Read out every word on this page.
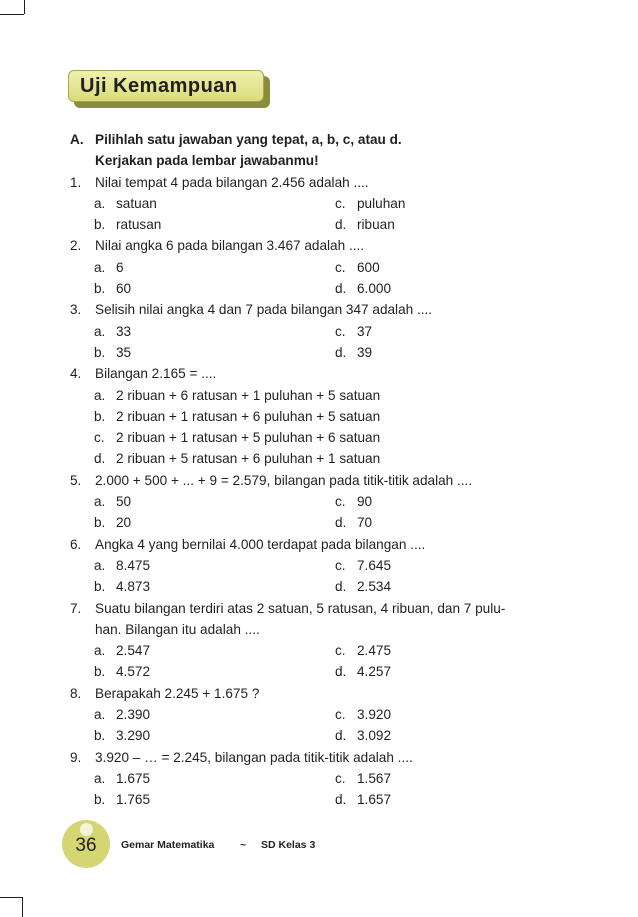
Uji Kemampuan
A. Pilihlah satu jawaban yang tepat, a, b, c, atau d.
Kerjakan pada lembar jawabanmu!
1. Nilai tempat 4 pada bilangan 2.456 adalah ....
a. satuan	c. puluhan
b. ratusan	d. ribuan
2. Nilai angka 6 pada bilangan 3.467 adalah ....
a. 6	c. 600
b. 60	d. 6.000
3. Selisih nilai angka 4 dan 7 pada bilangan 347 adalah ....
a. 33	c. 37
b. 35	d. 39
4. Bilangan 2.165 = ....
a. 2 ribuan + 6 ratusan + 1 puluhan + 5 satuan
b. 2 ribuan + 1 ratusan + 6 puluhan + 5 satuan
c. 2 ribuan + 1 ratusan + 5 puluhan + 6 satuan
d. 2 ribuan + 5 ratusan + 6 puluhan + 1 satuan
5. 2.000 + 500 + ... + 9 = 2.579, bilangan pada titik-titik adalah ....
a. 50	c. 90
b. 20	d. 70
6. Angka 4 yang bernilai 4.000 terdapat pada bilangan ....
a. 8.475	c. 7.645
b. 4.873	d. 2.534
7. Suatu bilangan terdiri atas 2 satuan, 5 ratusan, 4 ribuan, dan 7 pulu-
han. Bilangan itu adalah ....
a. 2.547	c. 2.475
b. 4.572	d. 4.257
8. Berapakah 2.245 + 1.675 ?
a. 2.390	c. 3.920
b. 3.290	d. 3.092
9. 3.920 – … = 2.245, bilangan pada titik-titik adalah ....
a. 1.675	c. 1.567
b. 1.765	d. 1.657
36	Gemar Matematika ~ SD Kelas 3
